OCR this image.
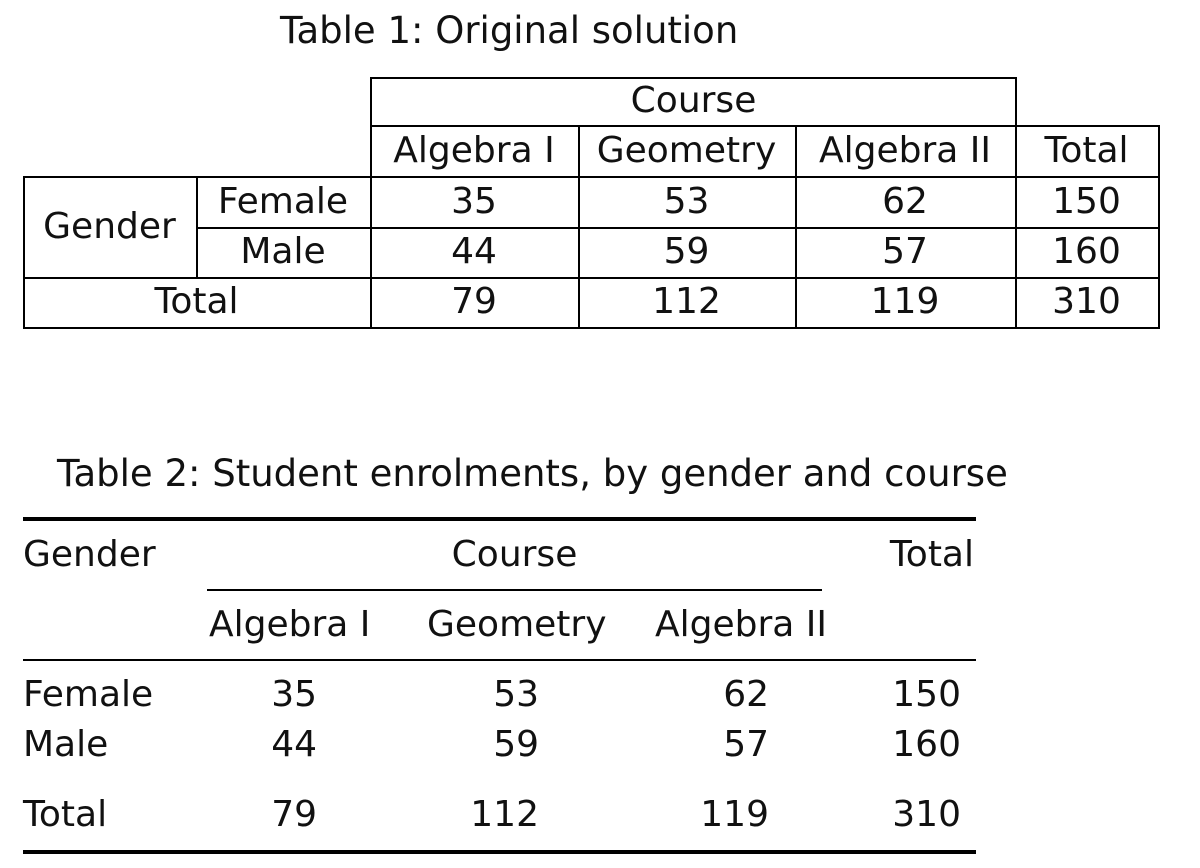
Table 1: Original solution
Course
Algebra I	Geometry	Algebra II	Total
Gender
Female	35	53	62	150
Male	44	59	57	160
Total	79	112	119	310
Table 2: Student enrolments, by gender and course
Gender	Course	Total
Algebra I Geometry Algebra II
Female	35	53	62	150
Male	44	59	57	160
Total	79	112	119	310
